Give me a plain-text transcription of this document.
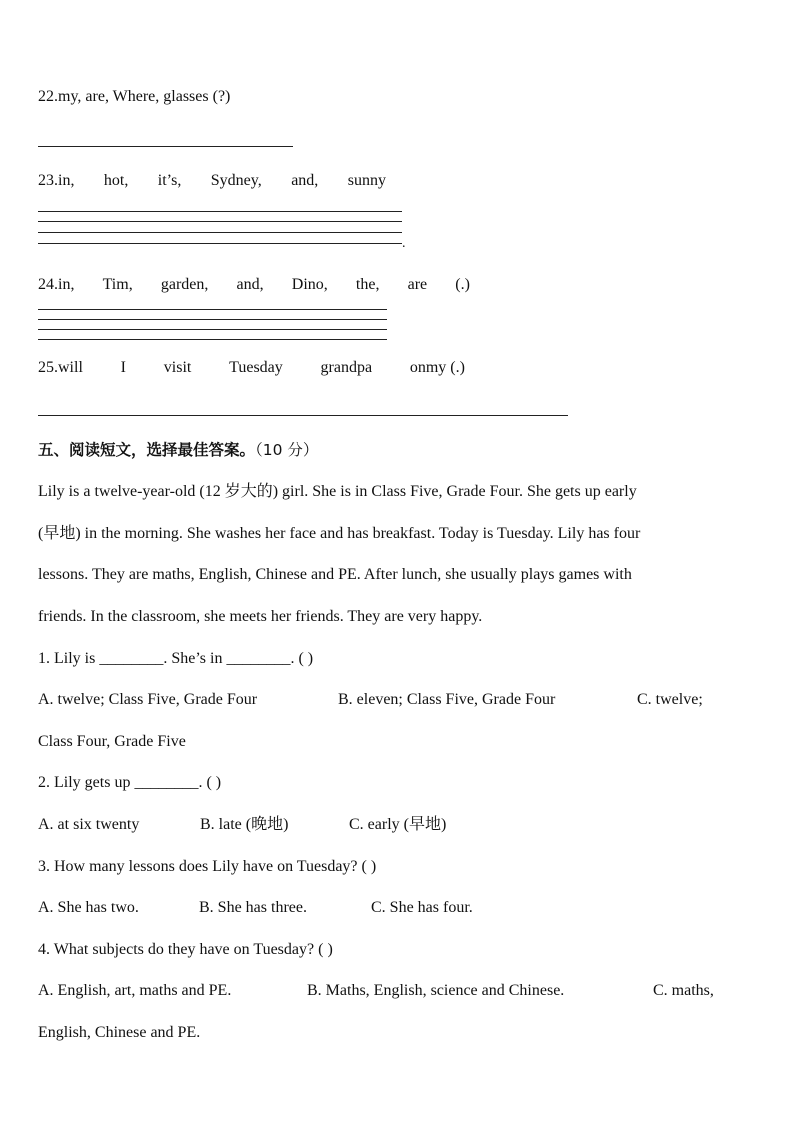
22.my, are, Where, glasses (?)
23.in, hot, it’s, Sydney, and, sunny
.
24.in, Tim, garden, and, Dino, the, are (.)
25.will I visit Tuesday grandpa onmy (.)
五、阅读短文，选择最佳答案。（10 分）
Lily is a twelve-year-old (12 岁大的) girl. She is in Class Five, Grade Four. She gets up early
(早地) in the morning. She washes her face and has breakfast. Today is Tuesday. Lily has four
lessons. They are maths, English, Chinese and PE. After lunch, she usually plays games with
friends. In the classroom, she meets her friends. They are very happy.
1. Lily is ________. She’s in ________. ( )
A. twelve; Class Five, Grade Four	B. eleven; Class Five, Grade Four	C. twelve;
Class Four, Grade Five
2. Lily gets up ________. ( )
A. at six twenty	B. late (晚地)	C. early (早地)
3. How many lessons does Lily have on Tuesday? ( )
A. She has two.	B. She has three.	C. She has four.
4. What subjects do they have on Tuesday? ( )
A. English, art, maths and PE.	B. Maths, English, science and Chinese.	C. maths,
English, Chinese and PE.
